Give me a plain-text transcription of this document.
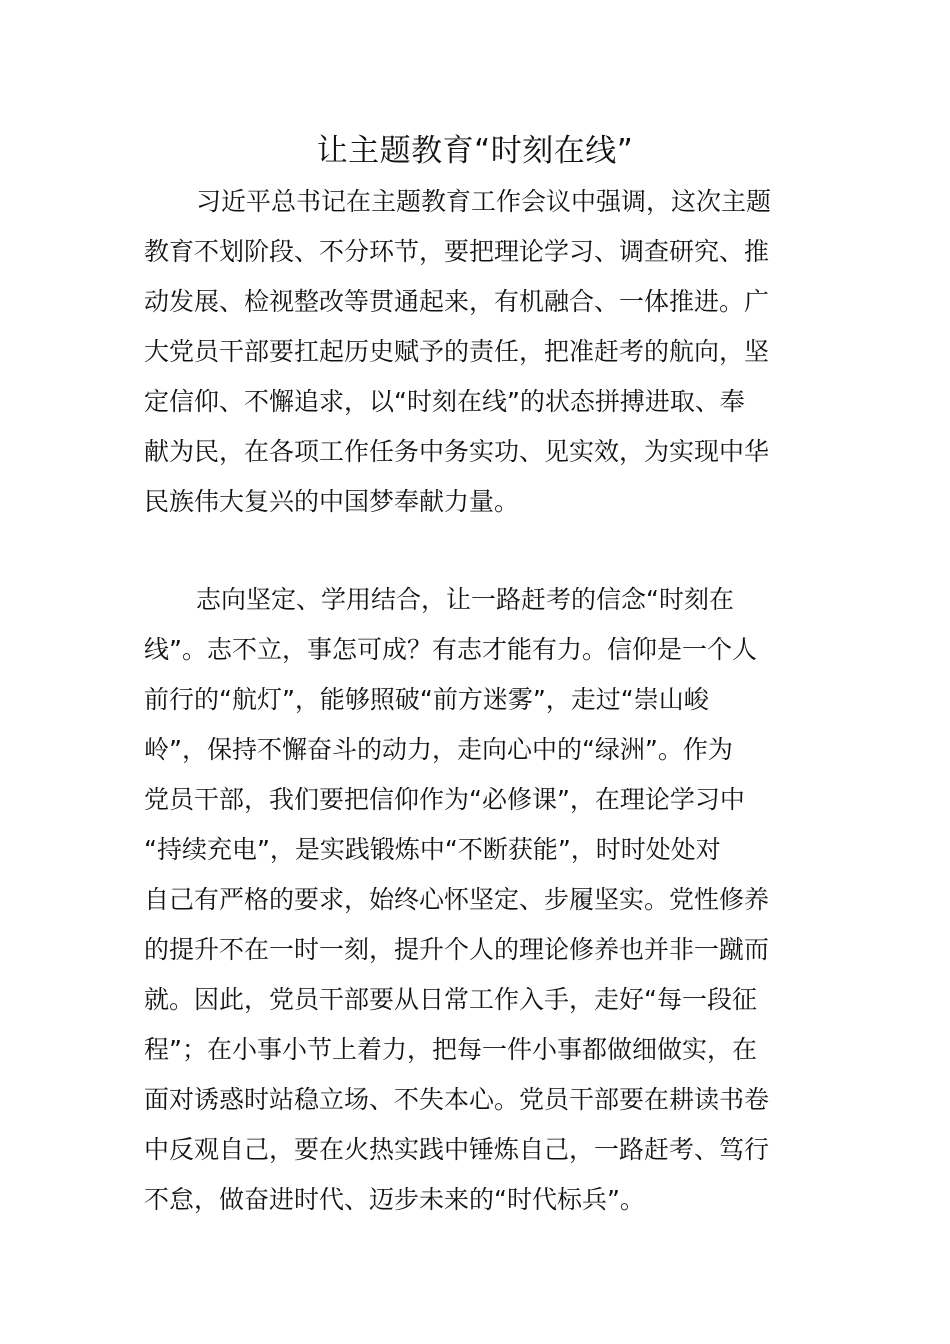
让主题教育“时刻在线”
习近平总书记在主题教育工作会议中强调，这次主题
教育不划阶段、不分环节，要把理论学习、调查研究、推
动发展、检视整改等贯通起来，有机融合、一体推进。广
大党员干部要扛起历史赋予的责任，把准赶考的航向，坚
定信仰、不懈追求，以“时刻在线”的状态拼搏进取、奉
献为民，在各项工作任务中务实功、见实效，为实现中华
民族伟大复兴的中国梦奉献力量。
志向坚定、学用结合，让一路赶考的信念“时刻在
线”。志不立，事怎可成？有志才能有力。信仰是一个人
前行的“航灯”，能够照破“前方迷雾”，走过“崇山峻
岭”，保持不懈奋斗的动力，走向心中的“绿洲”。作为
党员干部，我们要把信仰作为“必修课”，在理论学习中
“持续充电”，是实践锻炼中“不断获能”，时时处处对
自己有严格的要求，始终心怀坚定、步履坚实。党性修养
的提升不在一时一刻，提升个人的理论修养也并非一蹴而
就。因此，党员干部要从日常工作入手，走好“每一段征
程”；在小事小节上着力，把每一件小事都做细做实，在
面对诱惑时站稳立场、不失本心。党员干部要在耕读书卷
中反观自己，要在火热实践中锤炼自己，一路赶考、笃行
不怠，做奋进时代、迈步未来的“时代标兵”。
